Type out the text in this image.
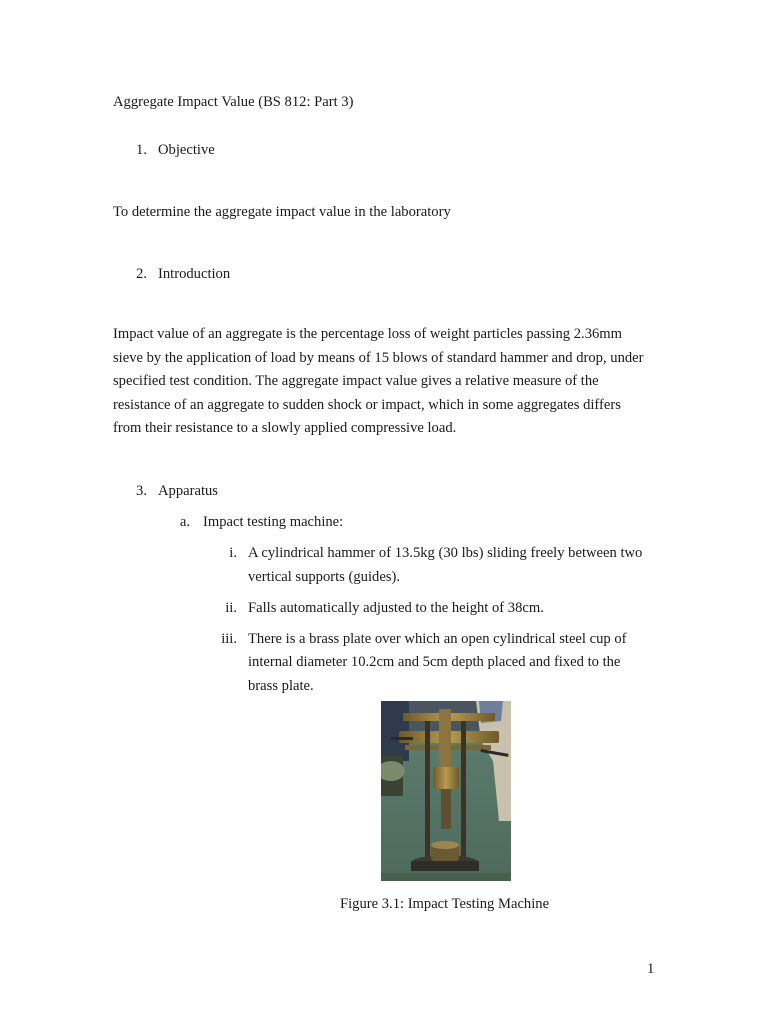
Aggregate Impact Value (BS 812: Part 3)
1. Objective
To determine the aggregate impact value in the laboratory
2. Introduction
Impact value of an aggregate is the percentage loss of weight particles passing 2.36mm
sieve by the application of load by means of 15 blows of standard hammer and drop, under
specified test condition. The aggregate impact value gives a relative measure of the
resistance of an aggregate to sudden shock or impact, which in some aggregates differs
from their resistance to a slowly applied compressive load.
3. Apparatus
a. Impact testing machine:
i. A cylindrical hammer of 13.5kg (30 lbs) sliding freely between two
vertical supports (guides).
ii. Falls automatically adjusted to the height of 38cm.
iii. There is a brass plate over which an open cylindrical steel cup of
internal diameter 10.2cm and 5cm depth placed and fixed to the
brass plate.
Figure 3.1: Impact Testing Machine
1
